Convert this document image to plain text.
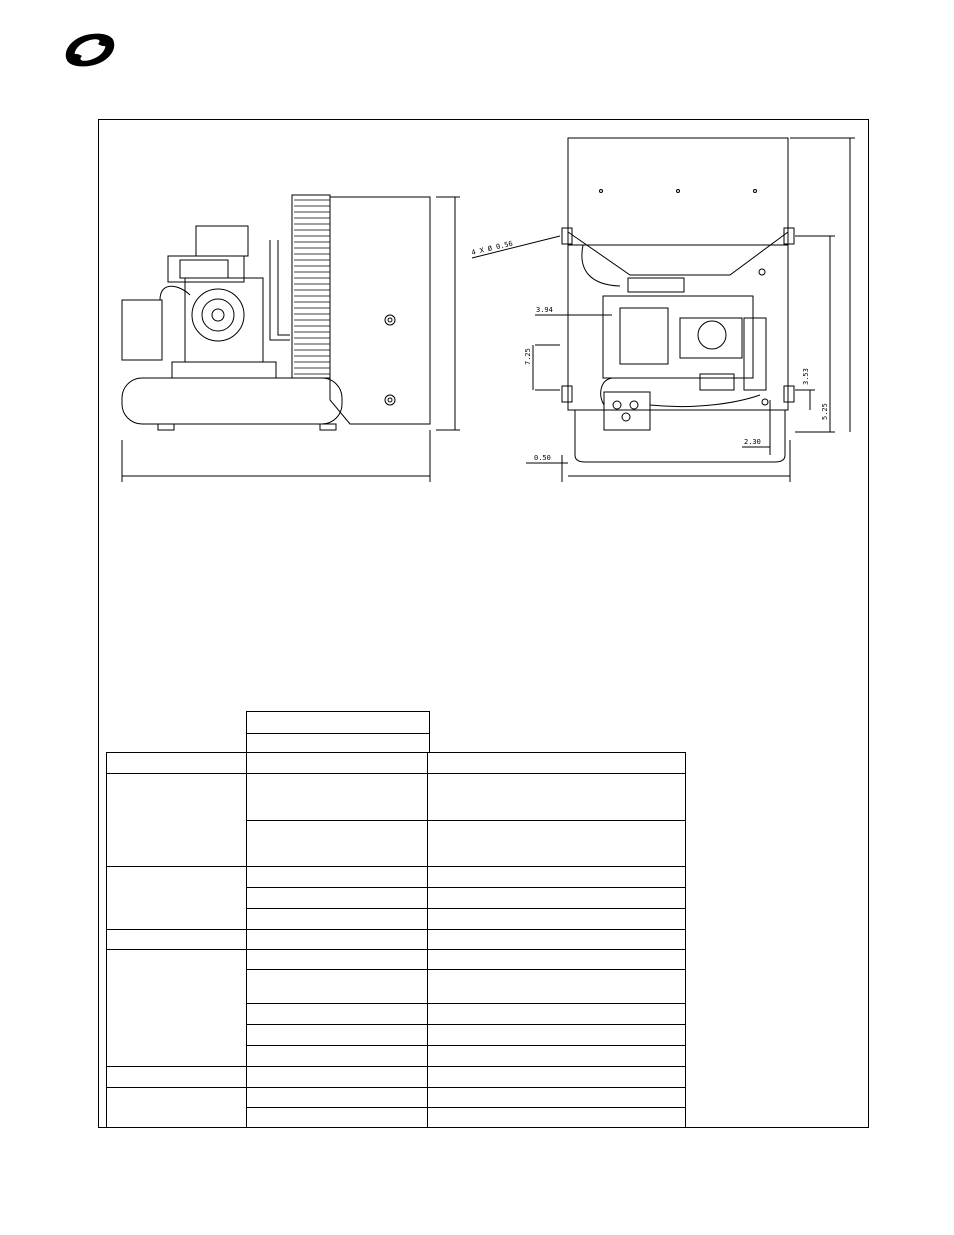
4 X Ø 0.56
3.94
7.25
0.50
2.30
3.53
5.25
